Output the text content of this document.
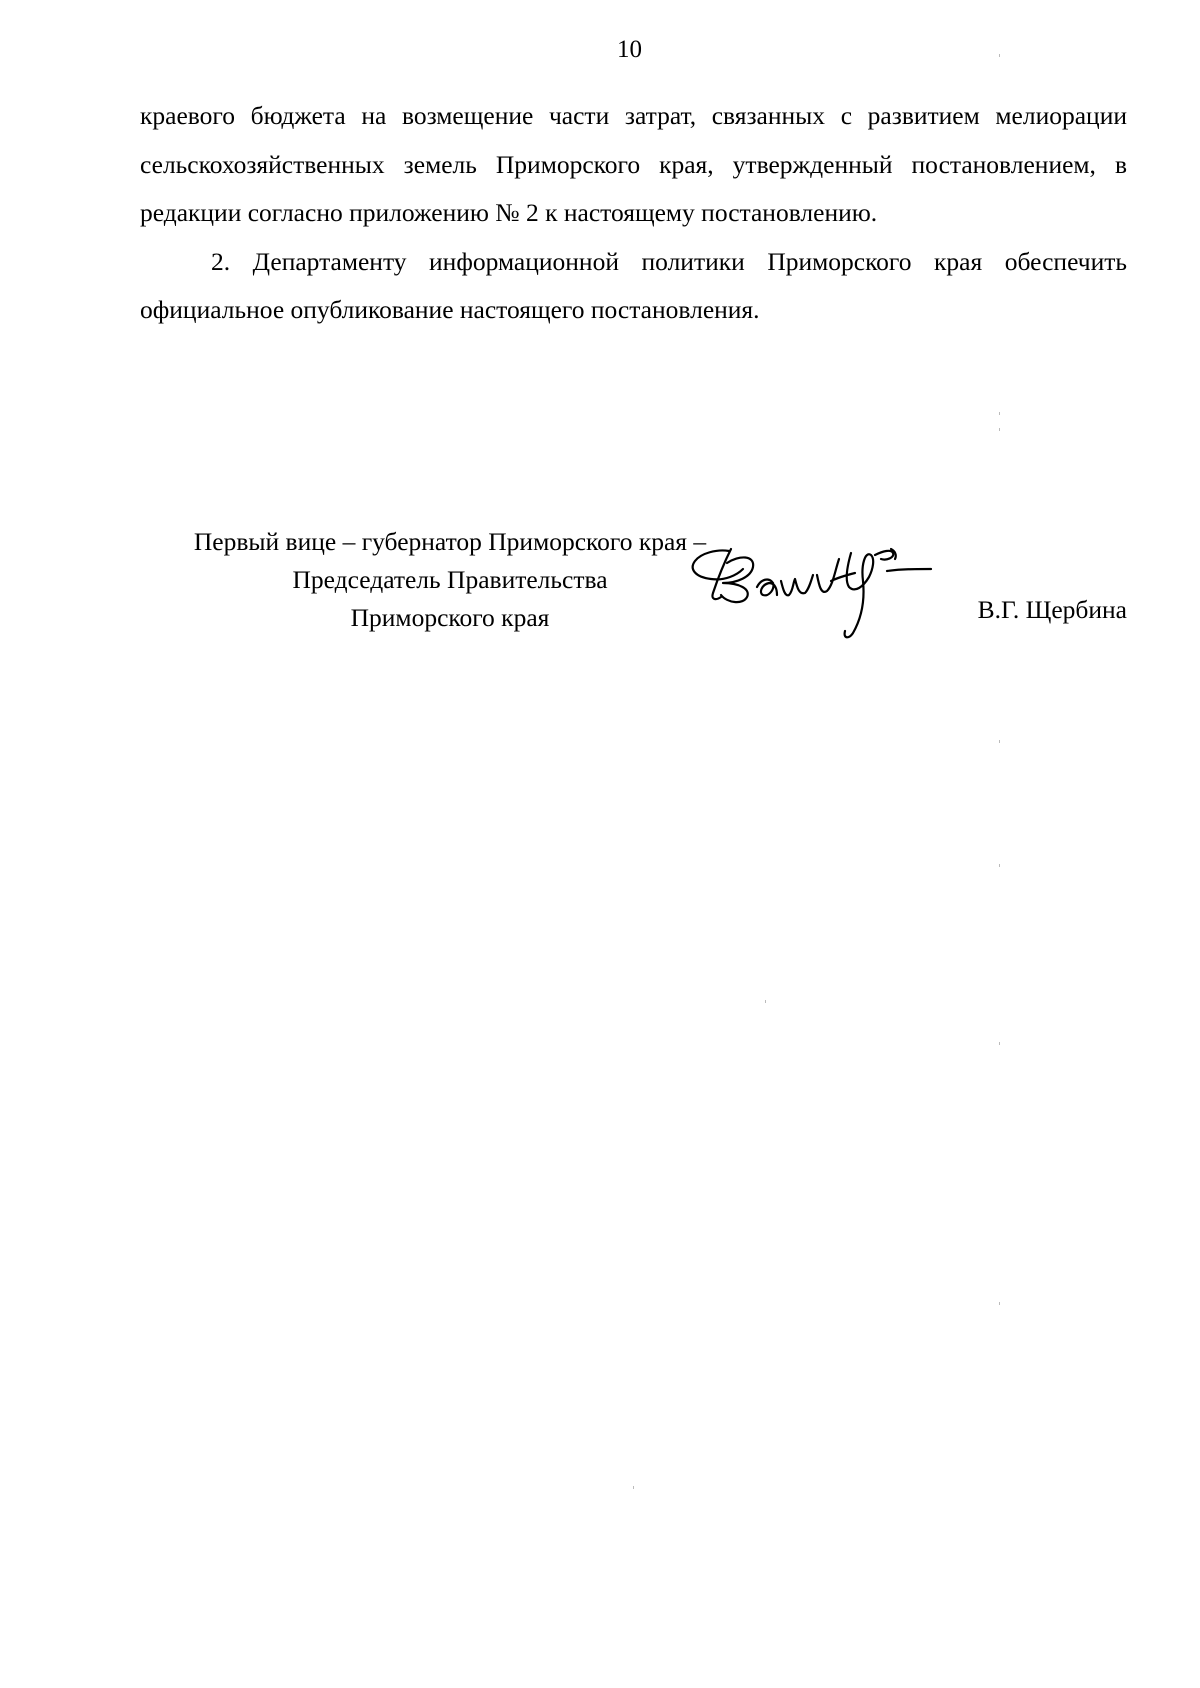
10

краевого бюджета на возмещение части затрат, связанных с развитием мелиорации сельскохозяйственных земель Приморского края, утвержденный постановлением, в редакции согласно приложению № 2 к настоящему постановлению.

2. Департаменту информационной политики Приморского края обеспечить официальное опубликование настоящего постановления.

Первый вице – губернатор Приморского края –
Председатель Правительства
Приморского края	В.Г. Щербина
